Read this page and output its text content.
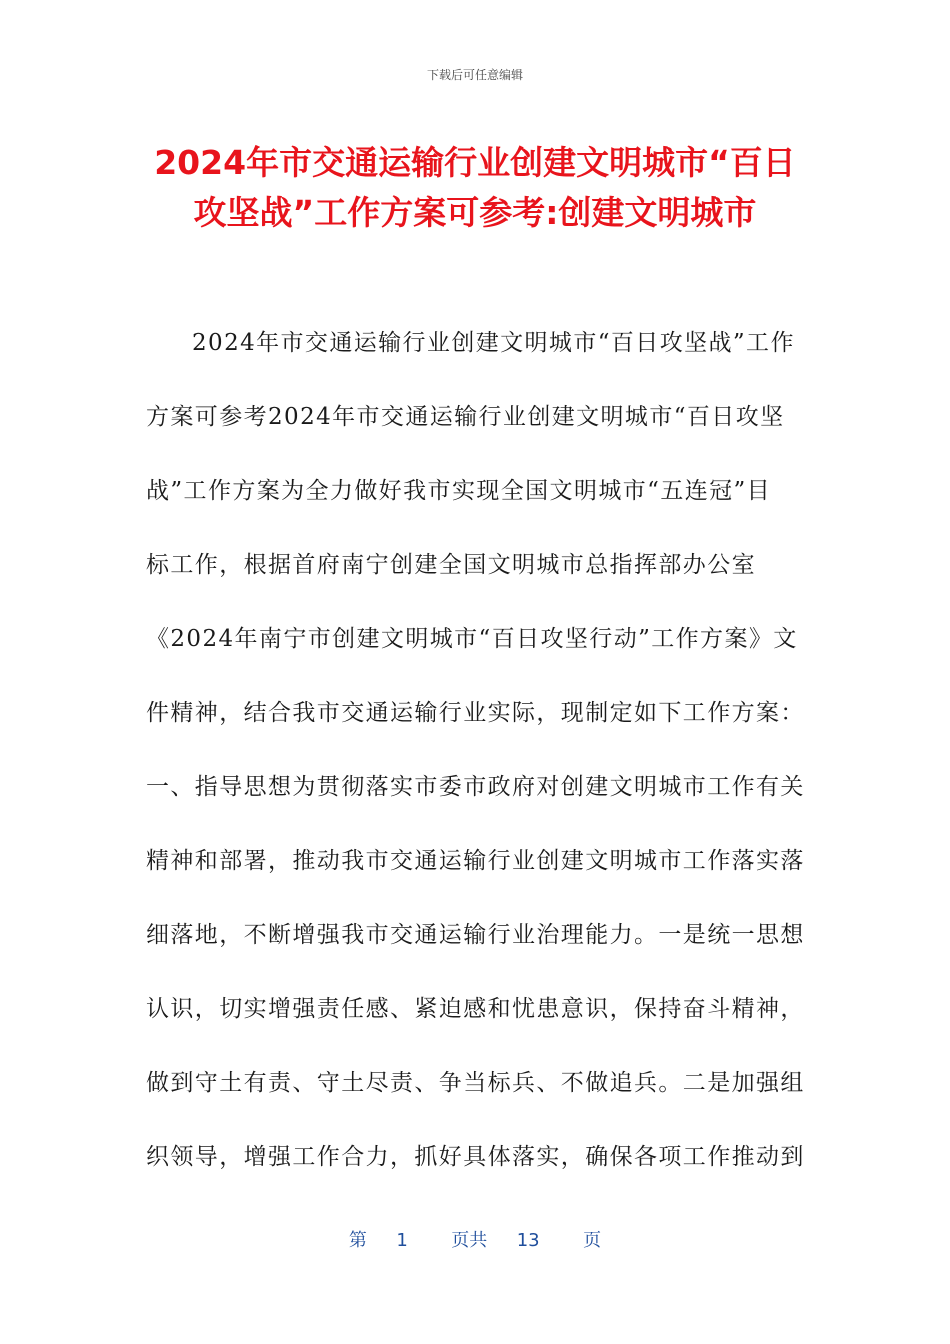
下载后可任意编辑
2024年市交通运输行业创建文明城市“百日
攻坚战”工作方案可参考:创建文明城市
2024年市交通运输行业创建文明城市“百日攻坚战”工作
方案可参考2024年市交通运输行业创建文明城市“百日攻坚
战”工作方案为全力做好我市实现全国文明城市“五连冠”目
标工作，根据首府南宁创建全国文明城市总指挥部办公室
《2024年南宁市创建文明城市“百日攻坚行动”工作方案》文
件精神，结合我市交通运输行业实际，现制定如下工作方案：
一、指导思想为贯彻落实市委市政府对创建文明城市工作有关
精神和部署，推动我市交通运输行业创建文明城市工作落实落
细落地，不断增强我市交通运输行业治理能力。一是统一思想
认识，切实增强责任感、紧迫感和忧患意识，保持奋斗精神，
做到守土有责、守土尽责、争当标兵、不做追兵。二是加强组
织领导，增强工作合力，抓好具体落实，确保各项工作推动到
第 1 页共 13 页
